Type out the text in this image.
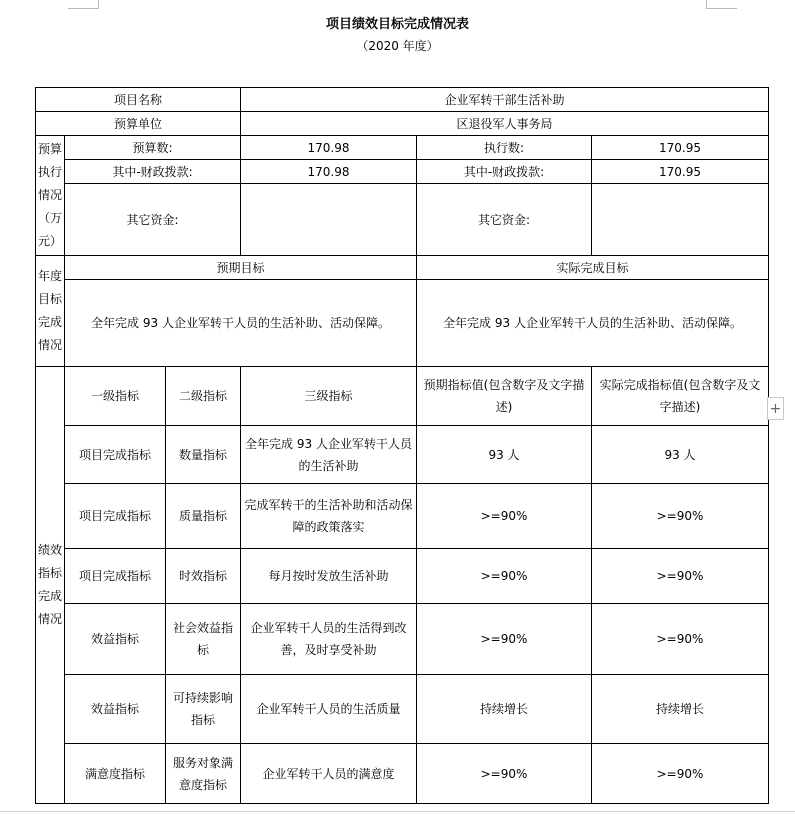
项目绩效目标完成情况表
（2020 年度）
项目名称			企业军转干部生活补助		
预算单位			区退役军人事务局		
预算执行情况（万元）	预算数:		170.98	执行数:	170.95
	其中-财政拨款:		170.98	其中-财政拨款:	170.95
	其它资金:			其它资金:	
年度目标完成情况	预期目标			实际完成目标	
	全年完成 93 人企业军转干人员的生活补助、活动保障。			全年完成 93 人企业军转干人员的生活补助、活动保障。	
绩效指标完成情况	一级指标	二级指标	三级指标	预期指标值(包含数字及文字描述)	实际完成指标值(包含数字及文字描述)
	项目完成指标	数量指标	全年完成 93 人企业军转干人员的生活补助	93 人	93 人
	项目完成指标	质量指标	完成军转干的生活补助和活动保障的政策落实	>=90%	>=90%
	项目完成指标	时效指标	每月按时发放生活补助	>=90%	>=90%
	效益指标	社会效益指标	企业军转干人员的生活得到改善，及时享受补助	>=90%	>=90%
	效益指标	可持续影响指标	企业军转干人员的生活质量	持续增长	持续增长
	满意度指标	服务对象满意度指标	企业军转干人员的满意度	>=90%	>=90%
+
